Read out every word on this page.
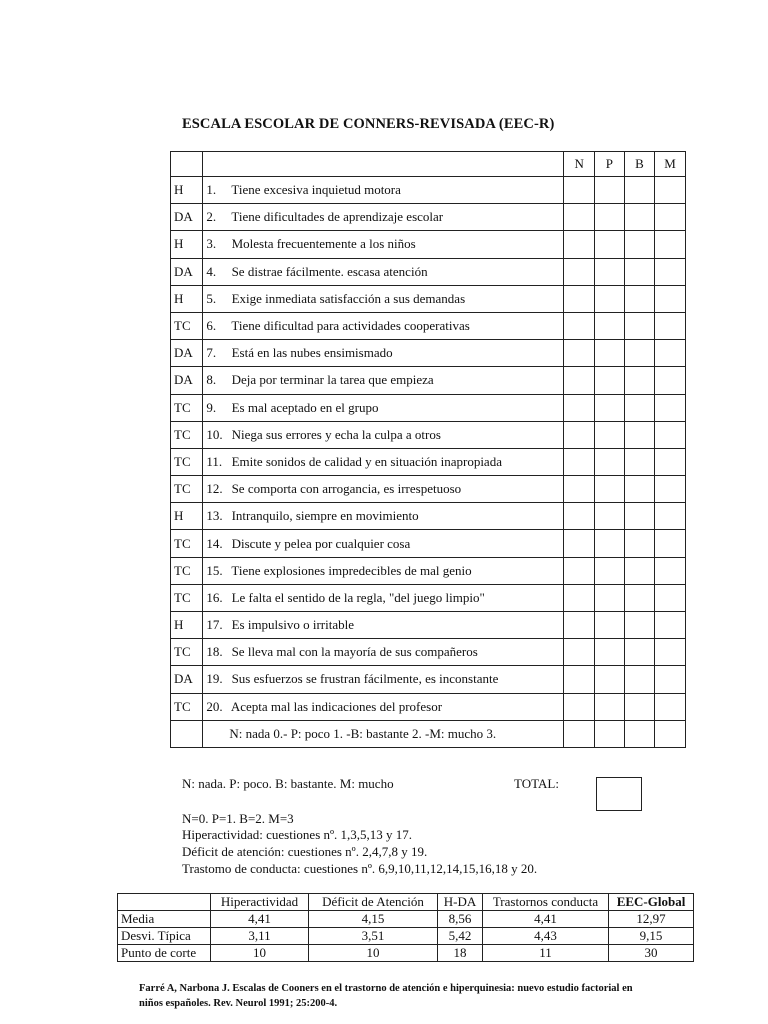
ESCALA ESCOLAR DE CONNERS-REVISADA (EEC-R)
		N	P	B	M
H	1. Tiene excesiva inquietud motora				
DA	2. Tiene dificultades de aprendizaje escolar				
H	3. Molesta frecuentemente a los niños				
DA	4. Se distrae fácilmente. escasa atención				
H	5. Exige inmediata satisfacción a sus demandas				
TC	6. Tiene dificultad para actividades cooperativas				
DA	7. Está en las nubes ensimismado				
DA	8. Deja por terminar la tarea que empieza				
TC	9. Es mal aceptado en el grupo				
TC	10. Niega sus errores y echa la culpa a otros				
TC	11. Emite sonidos de calidad y en situación inapropiada				
TC	12. Se comporta con arrogancia, es irrespetuoso				
H	13. Intranquilo, siempre en movimiento				
TC	14. Discute y pelea por cualquier cosa				
TC	15. Tiene explosiones impredecibles de mal genio				
TC	16. Le falta el sentido de la regla, "del juego limpio"				
H	17. Es impulsivo o irritable				
TC	18. Se lleva mal con la mayoría de sus compañeros				
DA	19. Sus esfuerzos se frustran fácilmente, es inconstante				
TC	20. Acepta mal las indicaciones del profesor				
	N: nada 0.- P: poco 1. -B: bastante 2. -M: mucho 3.				
N: nada. P: poco. B: bastante. M: mucho	TOTAL:
N=0. P=1. B=2. M=3
Hiperactividad: cuestiones nº. 1,3,5,13 y 17.
Déficit de atención: cuestiones nº. 2,4,7,8 y 19.
Trastomo de conducta: cuestiones nº. 6,9,10,11,12,14,15,16,18 y 20.
	Hiperactividad	Déficit de Atención	H-DA	Trastornos conducta	EEC-Global
Media	4,41	4,15	8,56	4,41	12,97
Desvi. Típica	3,11	3,51	5,42	4,43	9,15
Punto de corte	10	10	18	11	30
Farré A, Narbona J. Escalas de Cooners en el trastorno de atención e hiperquinesia: nuevo estudio factorial en niños españoles. Rev. Neurol 1991; 25:200-4.
